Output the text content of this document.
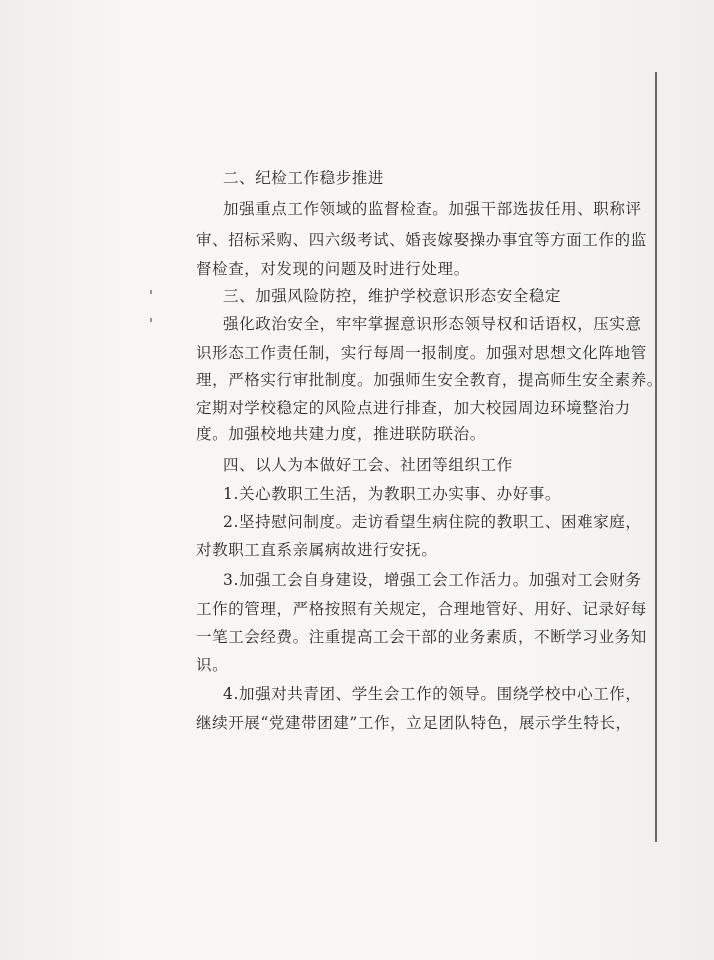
二、纪检工作稳步推进
加强重点工作领域的监督检查。加强干部选拔任用、职称评
审、招标采购、四六级考试、婚丧嫁娶操办事宜等方面工作的监
督检查，对发现的问题及时进行处理。
三、加强风险防控，维护学校意识形态安全稳定
强化政治安全，牢牢掌握意识形态领导权和话语权，压实意
识形态工作责任制，实行每周一报制度。加强对思想文化阵地管
理，严格实行审批制度。加强师生安全教育，提高师生安全素养。
定期对学校稳定的风险点进行排查，加大校园周边环境整治力
度。加强校地共建力度，推进联防联治。
四、以人为本做好工会、社团等组织工作
1.关心教职工生活，为教职工办实事、办好事。
2.坚持慰问制度。走访看望生病住院的教职工、困难家庭，
对教职工直系亲属病故进行安抚。
3.加强工会自身建设，增强工会工作活力。加强对工会财务
工作的管理，严格按照有关规定，合理地管好、用好、记录好每
一笔工会经费。注重提高工会干部的业务素质，不断学习业务知
识。
4.加强对共青团、学生会工作的领导。围绕学校中心工作，
继续开展“党建带团建”工作，立足团队特色，展示学生特长，
